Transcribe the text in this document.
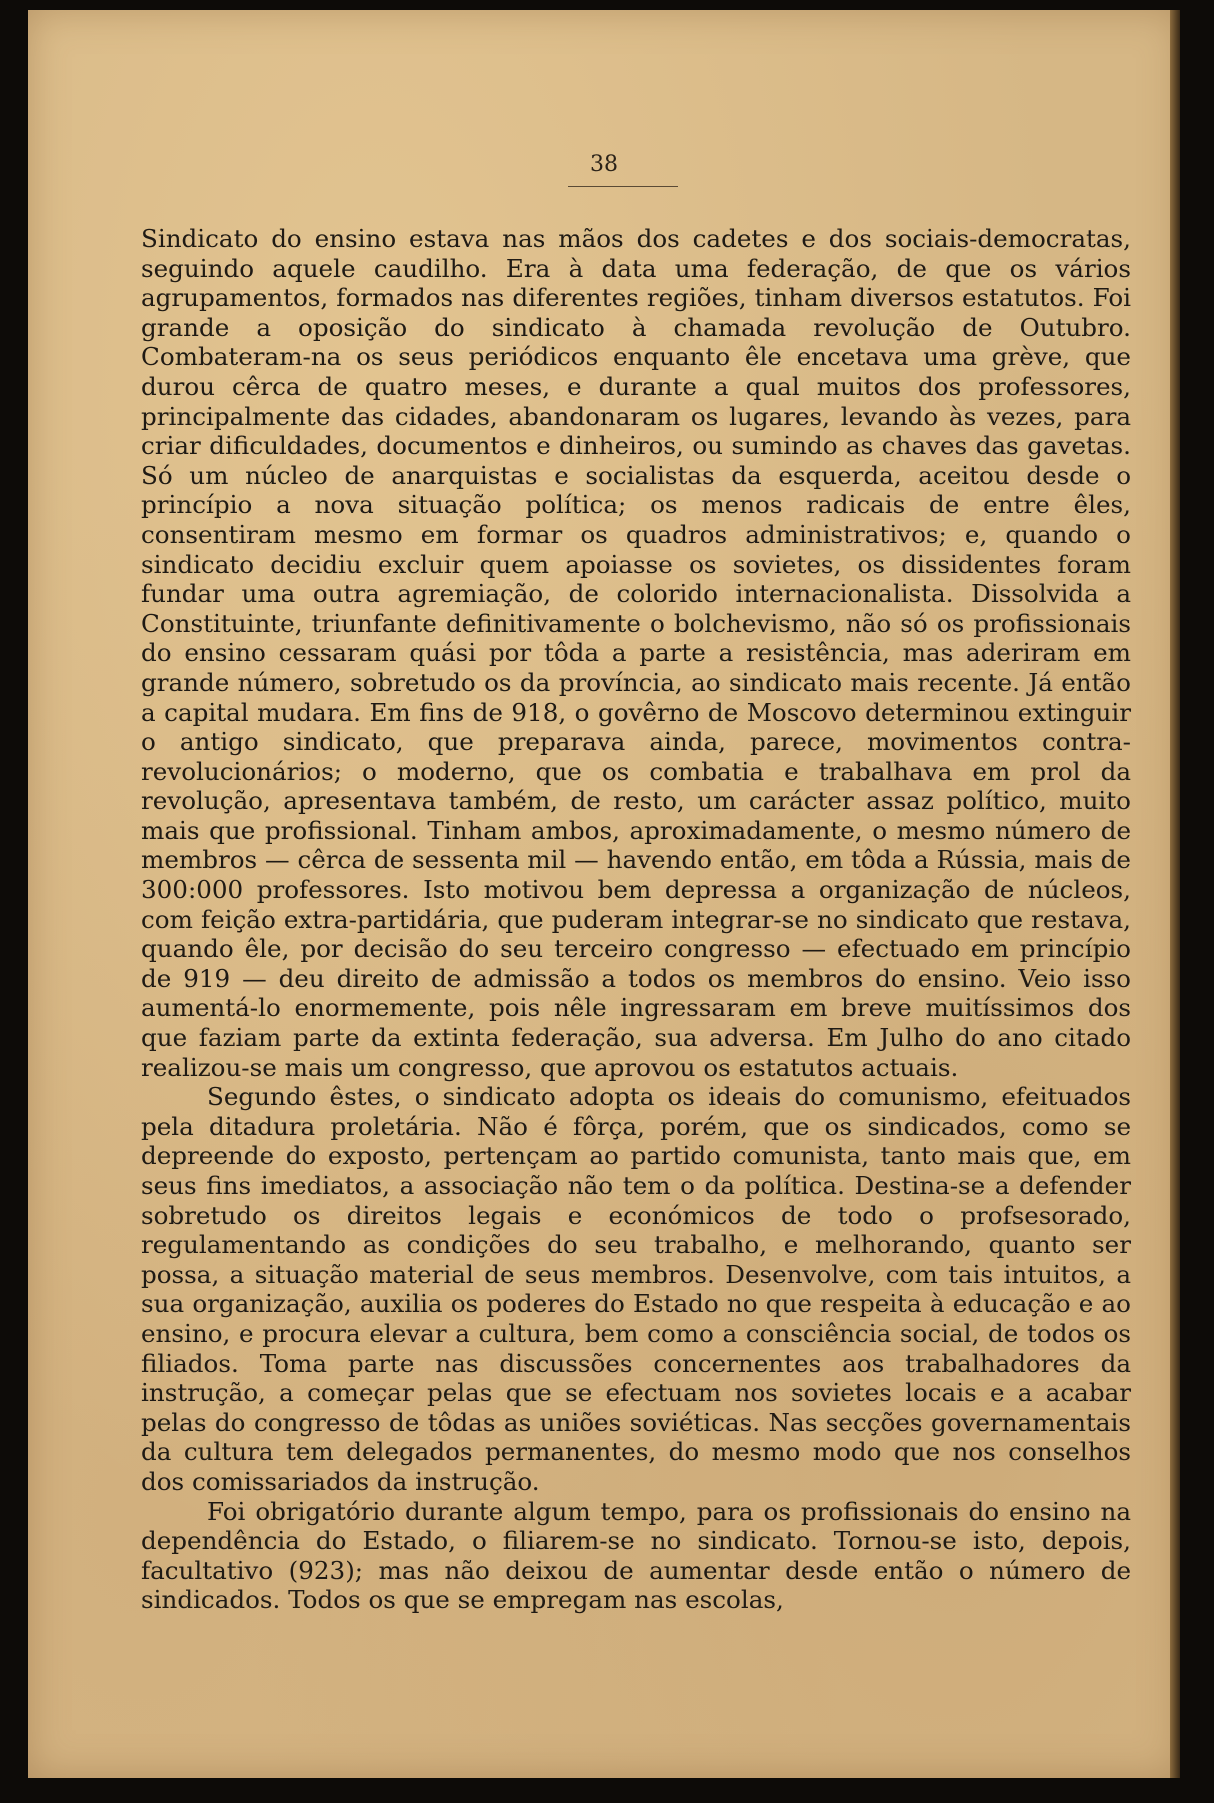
38

Sindicato do ensino estava nas mãos dos cadetes e dos sociais-democratas, seguindo aquele caudilho. Era à data uma federação, de que os vários agrupamentos, formados nas diferentes regiões, tinham diversos estatutos. Foi grande a oposição do sindicato à chamada revolução de Outubro. Combateram-na os seus periódicos enquanto êle encetava uma grève, que durou cêrca de quatro meses, e durante a qual muitos dos professores, principalmente das cidades, abandonaram os lugares, levando às vezes, para criar dificuldades, documentos e dinheiros, ou sumindo as chaves das gavetas. Só um núcleo de anarquistas e socialistas da esquerda, aceitou desde o princípio a nova situação política; os menos radicais de entre êles, consentiram mesmo em formar os quadros administrativos; e, quando o sindicato decidiu excluir quem apoiasse os sovietes, os dissidentes foram fundar uma outra agremiação, de colorido internacionalista. Dissolvida a Constituinte, triunfante definitivamente o bolchevismo, não só os profissionais do ensino cessaram quási por tôda a parte a resistência, mas aderiram em grande número, sobretudo os da província, ao sindicato mais recente. Já então a capital mudara. Em fins de 918, o govêrno de Moscovo determinou extinguir o antigo sindicato, que preparava ainda, parece, movimentos contra-revolucionários; o moderno, que os combatia e trabalhava em prol da revolução, apresentava também, de resto, um carácter assaz político, muito mais que profissional. Tinham ambos, aproximadamente, o mesmo número de membros — cêrca de sessenta mil — havendo então, em tôda a Rússia, mais de 300:000 professores. Isto motivou bem depressa a organização de núcleos, com feição extra-partidária, que puderam integrar-se no sindicato que restava, quando êle, por decisão do seu terceiro congresso — efectuado em princípio de 919 — deu direito de admissão a todos os membros do ensino. Veio isso aumentá-lo enormemente, pois nêle ingressaram em breve muitíssimos dos que faziam parte da extinta federação, sua adversa. Em Julho do ano citado realizou-se mais um congresso, que aprovou os estatutos actuais.

Segundo êstes, o sindicato adopta os ideais do comunismo, efeituados pela ditadura proletária. Não é fôrça, porém, que os sindicados, como se depreende do exposto, pertençam ao partido comunista, tanto mais que, em seus fins imediatos, a associação não tem o da política. Destina-se a defender sobretudo os direitos legais e económicos de todo o profsesorado, regulamentando as condições do seu trabalho, e melhorando, quanto ser possa, a situação material de seus membros. Desenvolve, com tais intuitos, a sua organização, auxilia os poderes do Estado no que respeita à educação e ao ensino, e procura elevar a cultura, bem como a consciência social, de todos os filiados. Toma parte nas discussões concernentes aos trabalhadores da instrução, a começar pelas que se efectuam nos sovietes locais e a acabar pelas do congresso de tôdas as uniões soviéticas. Nas secções governamentais da cultura tem delegados permanentes, do mesmo modo que nos conselhos dos comissariados da instrução.

Foi obrigatório durante algum tempo, para os profissionais do ensino na dependência do Estado, o filiarem-se no sindicato. Tornou-se isto, depois, facultativo (923); mas não deixou de aumentar desde então o número de sindicados. Todos os que se empregam nas escolas,
